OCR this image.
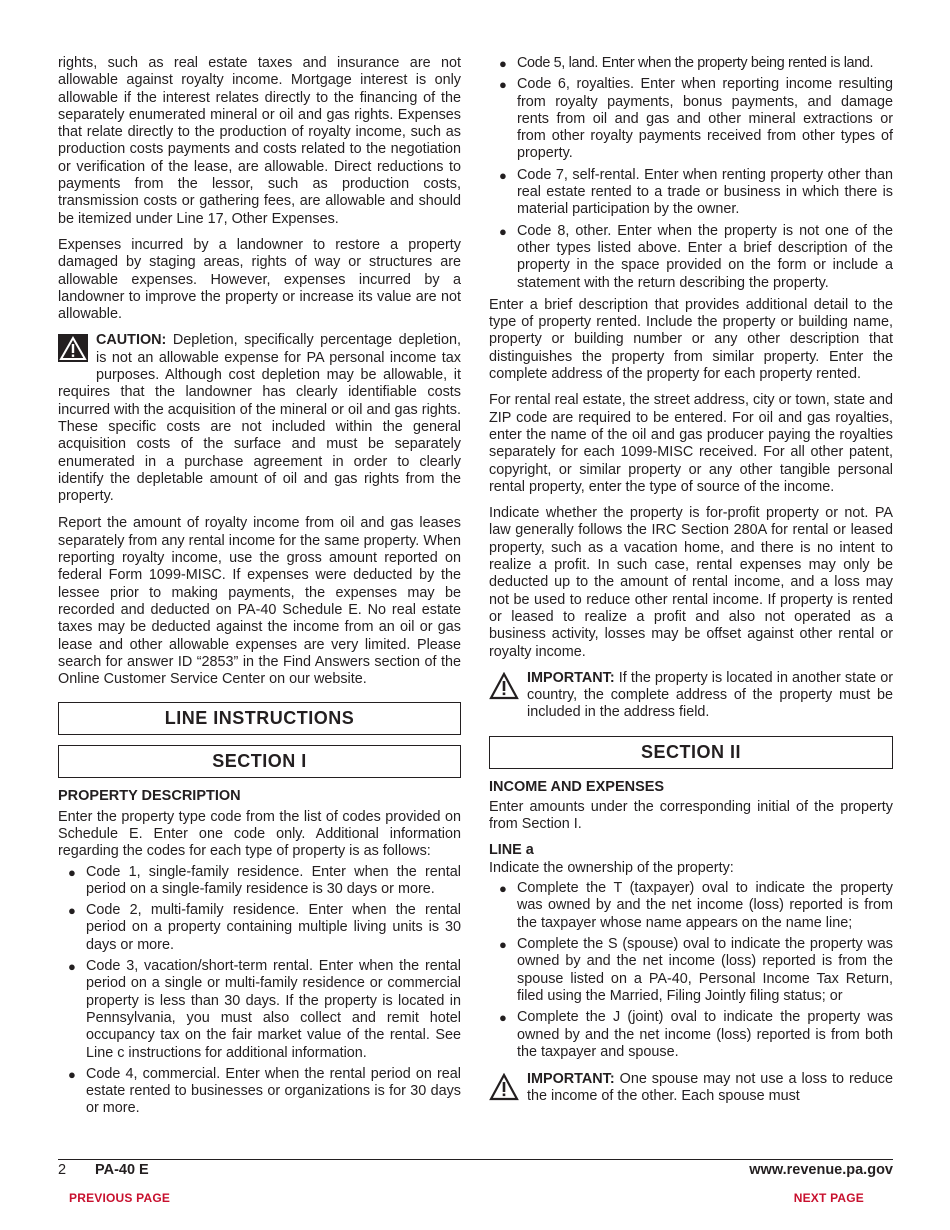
rights, such as real estate taxes and insurance are not allowable against royalty income. Mortgage interest is only allowable if the interest relates directly to the financing of the separately enumerated mineral or oil and gas rights. Expenses that relate directly to the production of royalty income, such as production costs payments and costs related to the negotiation or verification of the lease, are allowable. Direct reductions to payments from the lessor, such as production costs, transmission costs or gathering fees, are allowable and should be itemized under Line 17, Other Expenses.

Expenses incurred by a landowner to restore a property damaged by staging areas, rights of way or structures are allowable expenses. However, expenses incurred by a landowner to improve the property or increase its value are not allowable.

CAUTION: Depletion, specifically percentage depletion, is not an allowable expense for PA personal income tax purposes. Although cost depletion may be allowable, it requires that the landowner has clearly identifiable costs incurred with the acquisition of the mineral or oil and gas rights. These specific costs are not included within the general acquisition costs of the surface and must be separately enumerated in a purchase agreement in order to clearly identify the depletable amount of oil and gas rights from the property.

Report the amount of royalty income from oil and gas leases separately from any rental income for the same property. When reporting royalty income, use the gross amount reported on federal Form 1099-MISC. If expenses were deducted by the lessee prior to making payments, the expenses may be recorded and deducted on PA-40 Schedule E. No real estate taxes may be deducted against the income from an oil or gas lease and other allowable expenses are very limited. Please search for answer ID “2853” in the Find Answers section of the Online Customer Service Center on our website.

LINE INSTRUCTIONS
SECTION I
PROPERTY DESCRIPTION

Enter the property type code from the list of codes provided on Schedule E. Enter one code only. Additional information regarding the codes for each type of property is as follows:

● Code 1, single-family residence. Enter when the rental period on a single-family residence is 30 days or more.
● Code 2, multi-family residence. Enter when the rental period on a property containing multiple living units is 30 days or more.
● Code 3, vacation/short-term rental. Enter when the rental period on a single or multi-family residence or commercial property is less than 30 days. If the property is located in Pennsylvania, you must also collect and remit hotel occupancy tax on the fair market value of the rental. See Line c instructions for additional information.
● Code 4, commercial. Enter when the rental period on real estate rented to businesses or organizations is for 30 days or more.
● Code 5, land. Enter when the property being rented is land.
● Code 6, royalties. Enter when reporting income resulting from royalty payments, bonus payments, and damage rents from oil and gas and other mineral extractions or from other royalty payments received from other types of property.
● Code 7, self-rental. Enter when renting property other than real estate rented to a trade or business in which there is material participation by the owner.
● Code 8, other. Enter when the property is not one of the other types listed above. Enter a brief description of the property in the space provided on the form or include a statement with the return describing the property.

Enter a brief description that provides additional detail to the type of property rented. Include the property or building name, property or building number or any other description that distinguishes the property from similar property. Enter the complete address of the property for each property rented.

For rental real estate, the street address, city or town, state and ZIP code are required to be entered. For oil and gas royalties, enter the name of the oil and gas producer paying the royalties separately for each 1099-MISC received. For all other patent, copyright, or similar property or any other tangible personal rental property, enter the type of source of the income.

Indicate whether the property is for-profit property or not. PA law generally follows the IRC Section 280A for rental or leased property, such as a vacation home, and there is no intent to realize a profit. In such case, rental expenses may only be deducted up to the amount of rental income, and a loss may not be used to reduce other rental income. If property is rented or leased to realize a profit and also not operated as a business activity, losses may be offset against other rental or royalty income.

IMPORTANT: If the property is located in another state or country, the complete address of the property must be included in the address field.
SECTION II
INCOME AND EXPENSES

Enter amounts under the corresponding initial of the property from Section I.

LINE a

Indicate the ownership of the property:

● Complete the T (taxpayer) oval to indicate the property was owned by and the net income (loss) reported is from the taxpayer whose name appears on the name line;
● Complete the S (spouse) oval to indicate the property was owned by and the net income (loss) reported is from the spouse listed on a PA-40, Personal Income Tax Return, filed using the Married, Filing Jointly filing status; or
● Complete the J (joint) oval to indicate the property was owned by and the net income (loss) reported is from both the taxpayer and spouse.
IMPORTANT: One spouse may not use a loss to reduce the income of the other. Each spouse must
2 PA-40 E	www.revenue.pa.gov
PREVIOUS PAGE	NEXT PAGE
